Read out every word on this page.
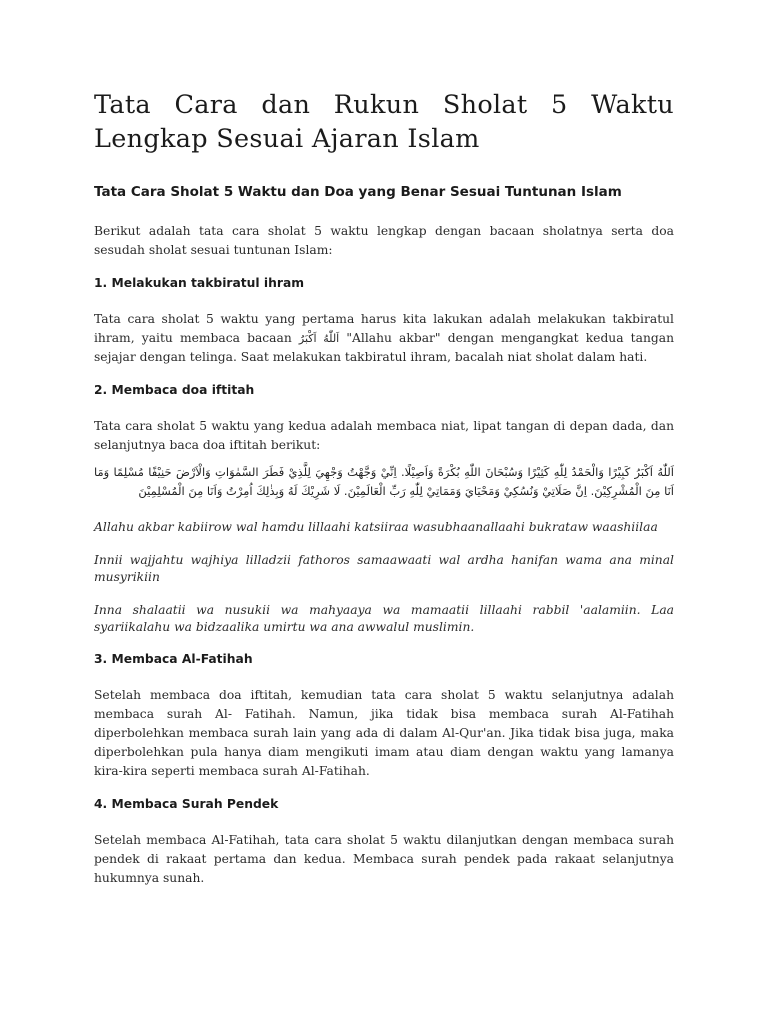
Tata Cara dan Rukun Sholat 5 Waktu Lengkap Sesuai Ajaran Islam
Tata Cara Sholat 5 Waktu dan Doa yang Benar Sesuai Tuntunan Islam

Berikut adalah tata cara sholat 5 waktu lengkap dengan bacaan sholatnya serta doa sesudah sholat sesuai tuntunan Islam:

1. Melakukan takbiratul ihram

Tata cara sholat 5 waktu yang pertama harus kita lakukan adalah melakukan takbiratul ihram, yaitu membaca bacaan اَللّٰهُ اَكْبَرُ "Allahu akbar" dengan mengangkat kedua tangan sejajar dengan telinga. Saat melakukan takbiratul ihram, bacalah niat sholat dalam hati.

2. Membaca doa iftitah

Tata cara sholat 5 waktu yang kedua adalah membaca niat, lipat tangan di depan dada, dan selanjutnya baca doa iftitah berikut:

اَللّٰهُ اَكْبَرُ كَبِيْرًا وَالْحَمْدُ لِلّٰهِ كَثِيْرًا وَسُبْحَانَ اللّٰهِ بُكْرَةً وَاَصِيْلًا. اِنِّيْ وَجَّهْتُ وَجْهِيَ لِلَّذِيْ فَطَرَ السَّمٰوَاتِ وَالْاَرْضَ حَنِيْفًا مُسْلِمًا وَمَا اَنَا مِنَ الْمُشْرِكِيْنَ. اِنَّ صَلَاتِيْ وَنُسُكِيْ وَمَحْيَايَ وَمَمَاتِيْ لِلّٰهِ رَبِّ الْعَالَمِيْنَ. لَا شَرِيْكَ لَهُ وَبِذٰلِكَ اُمِرْتُ وَاَنَا مِنَ الْمُسْلِمِيْنَ

Allahu akbar kabiirow wal hamdu lillaahi katsiiraa wasubhaanallaahi bukrataw waashiilaa

Innii wajjahtu wajhiya lilladzii fathoros samaawaati wal ardha hanifan wama ana minal musyrikiin

Inna shalaatii wa nusukii wa mahyaaya wa mamaatii lillaahi rabbil 'aalamiin. Laa syariikalahu wa bidzaalika umirtu wa ana awwalul muslimin.

3. Membaca Al-Fatihah

Setelah membaca doa iftitah, kemudian tata cara sholat 5 waktu selanjutnya adalah membaca surah Al- Fatihah. Namun, jika tidak bisa membaca surah Al-Fatihah diperbolehkan membaca surah lain yang ada di dalam Al-Qur'an. Jika tidak bisa juga, maka diperbolehkan pula hanya diam mengikuti imam atau diam dengan waktu yang lamanya kira-kira seperti membaca surah Al-Fatihah.

4. Membaca Surah Pendek

Setelah membaca Al-Fatihah, tata cara sholat 5 waktu dilanjutkan dengan membaca surah pendek di rakaat pertama dan kedua. Membaca surah pendek pada rakaat selanjutnya hukumnya sunah.
